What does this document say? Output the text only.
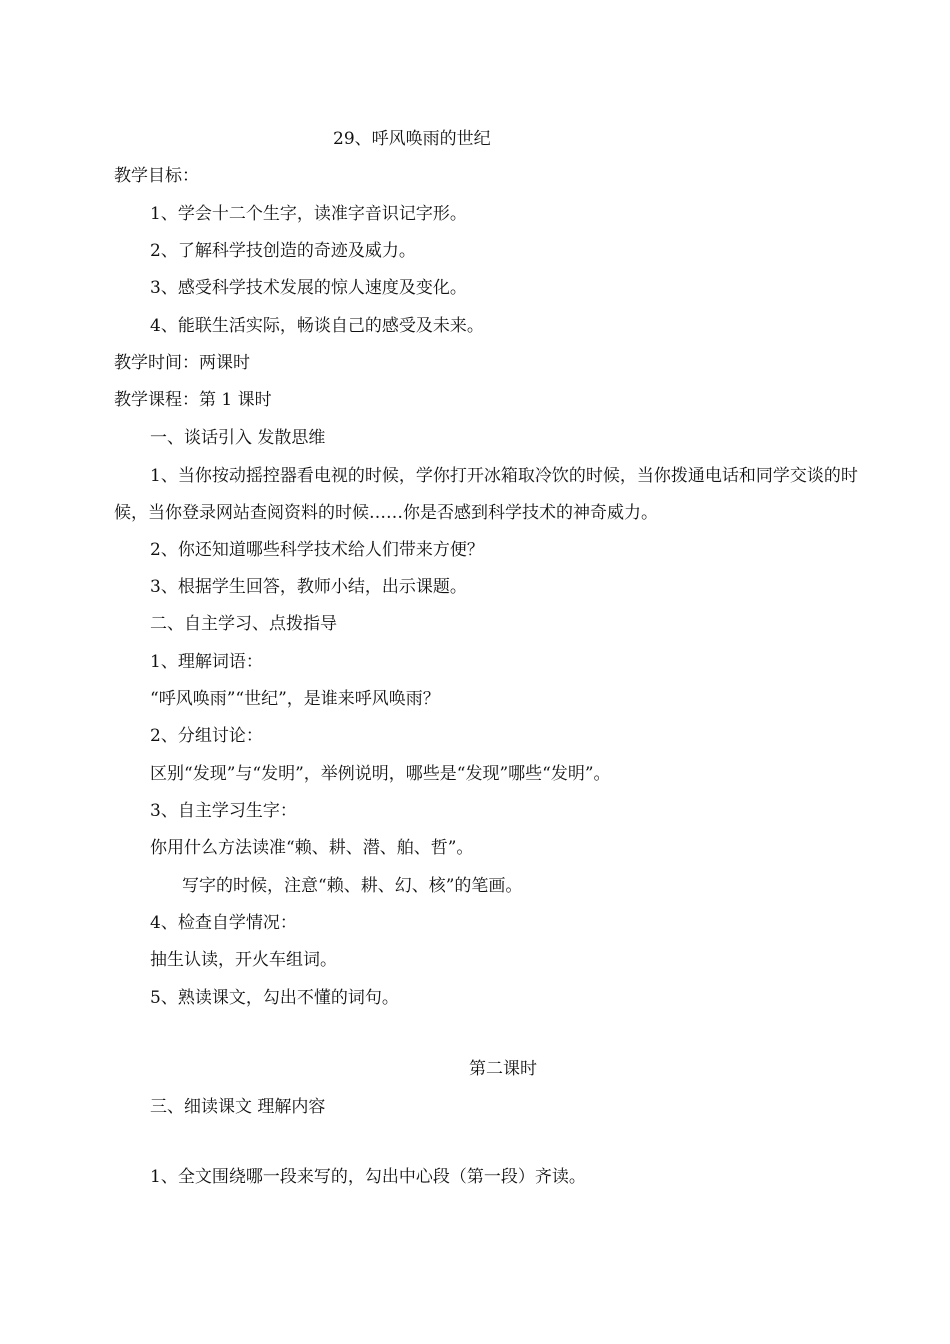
29、呼风唤雨的世纪
教学目标：
1、学会十二个生字，读准字音识记字形。
2、了解科学技创造的奇迹及威力。
3、感受科学技术发展的惊人速度及变化。
4、能联生活实际，畅谈自己的感受及未来。
教学时间：两课时
教学课程：第 1 课时
一、谈话引入 发散思维
1、当你按动摇控器看电视的时候，学你打开冰箱取冷饮的时候，当你拨通电话和同学交谈的时候，当你登录网站查阅资料的时候……你是否感到科学技术的神奇威力。
2、你还知道哪些科学技术给人们带来方便？
3、根据学生回答，教师小结，出示课题。
二、自主学习、点拨指导
1、理解词语：
“呼风唤雨”“世纪”，是谁来呼风唤雨？
2、分组讨论：
区别“发现”与“发明”，举例说明，哪些是“发现”哪些“发明”。
3、自主学习生字：
你用什么方法读准“赖、耕、潜、舶、哲”。
写字的时候，注意“赖、耕、幻、核”的笔画。
4、检查自学情况：
抽生认读，开火车组词。
5、熟读课文，勾出不懂的词句。
第二课时
三、细读课文 理解内容
1、全文围绕哪一段来写的，勾出中心段（第一段）齐读。
